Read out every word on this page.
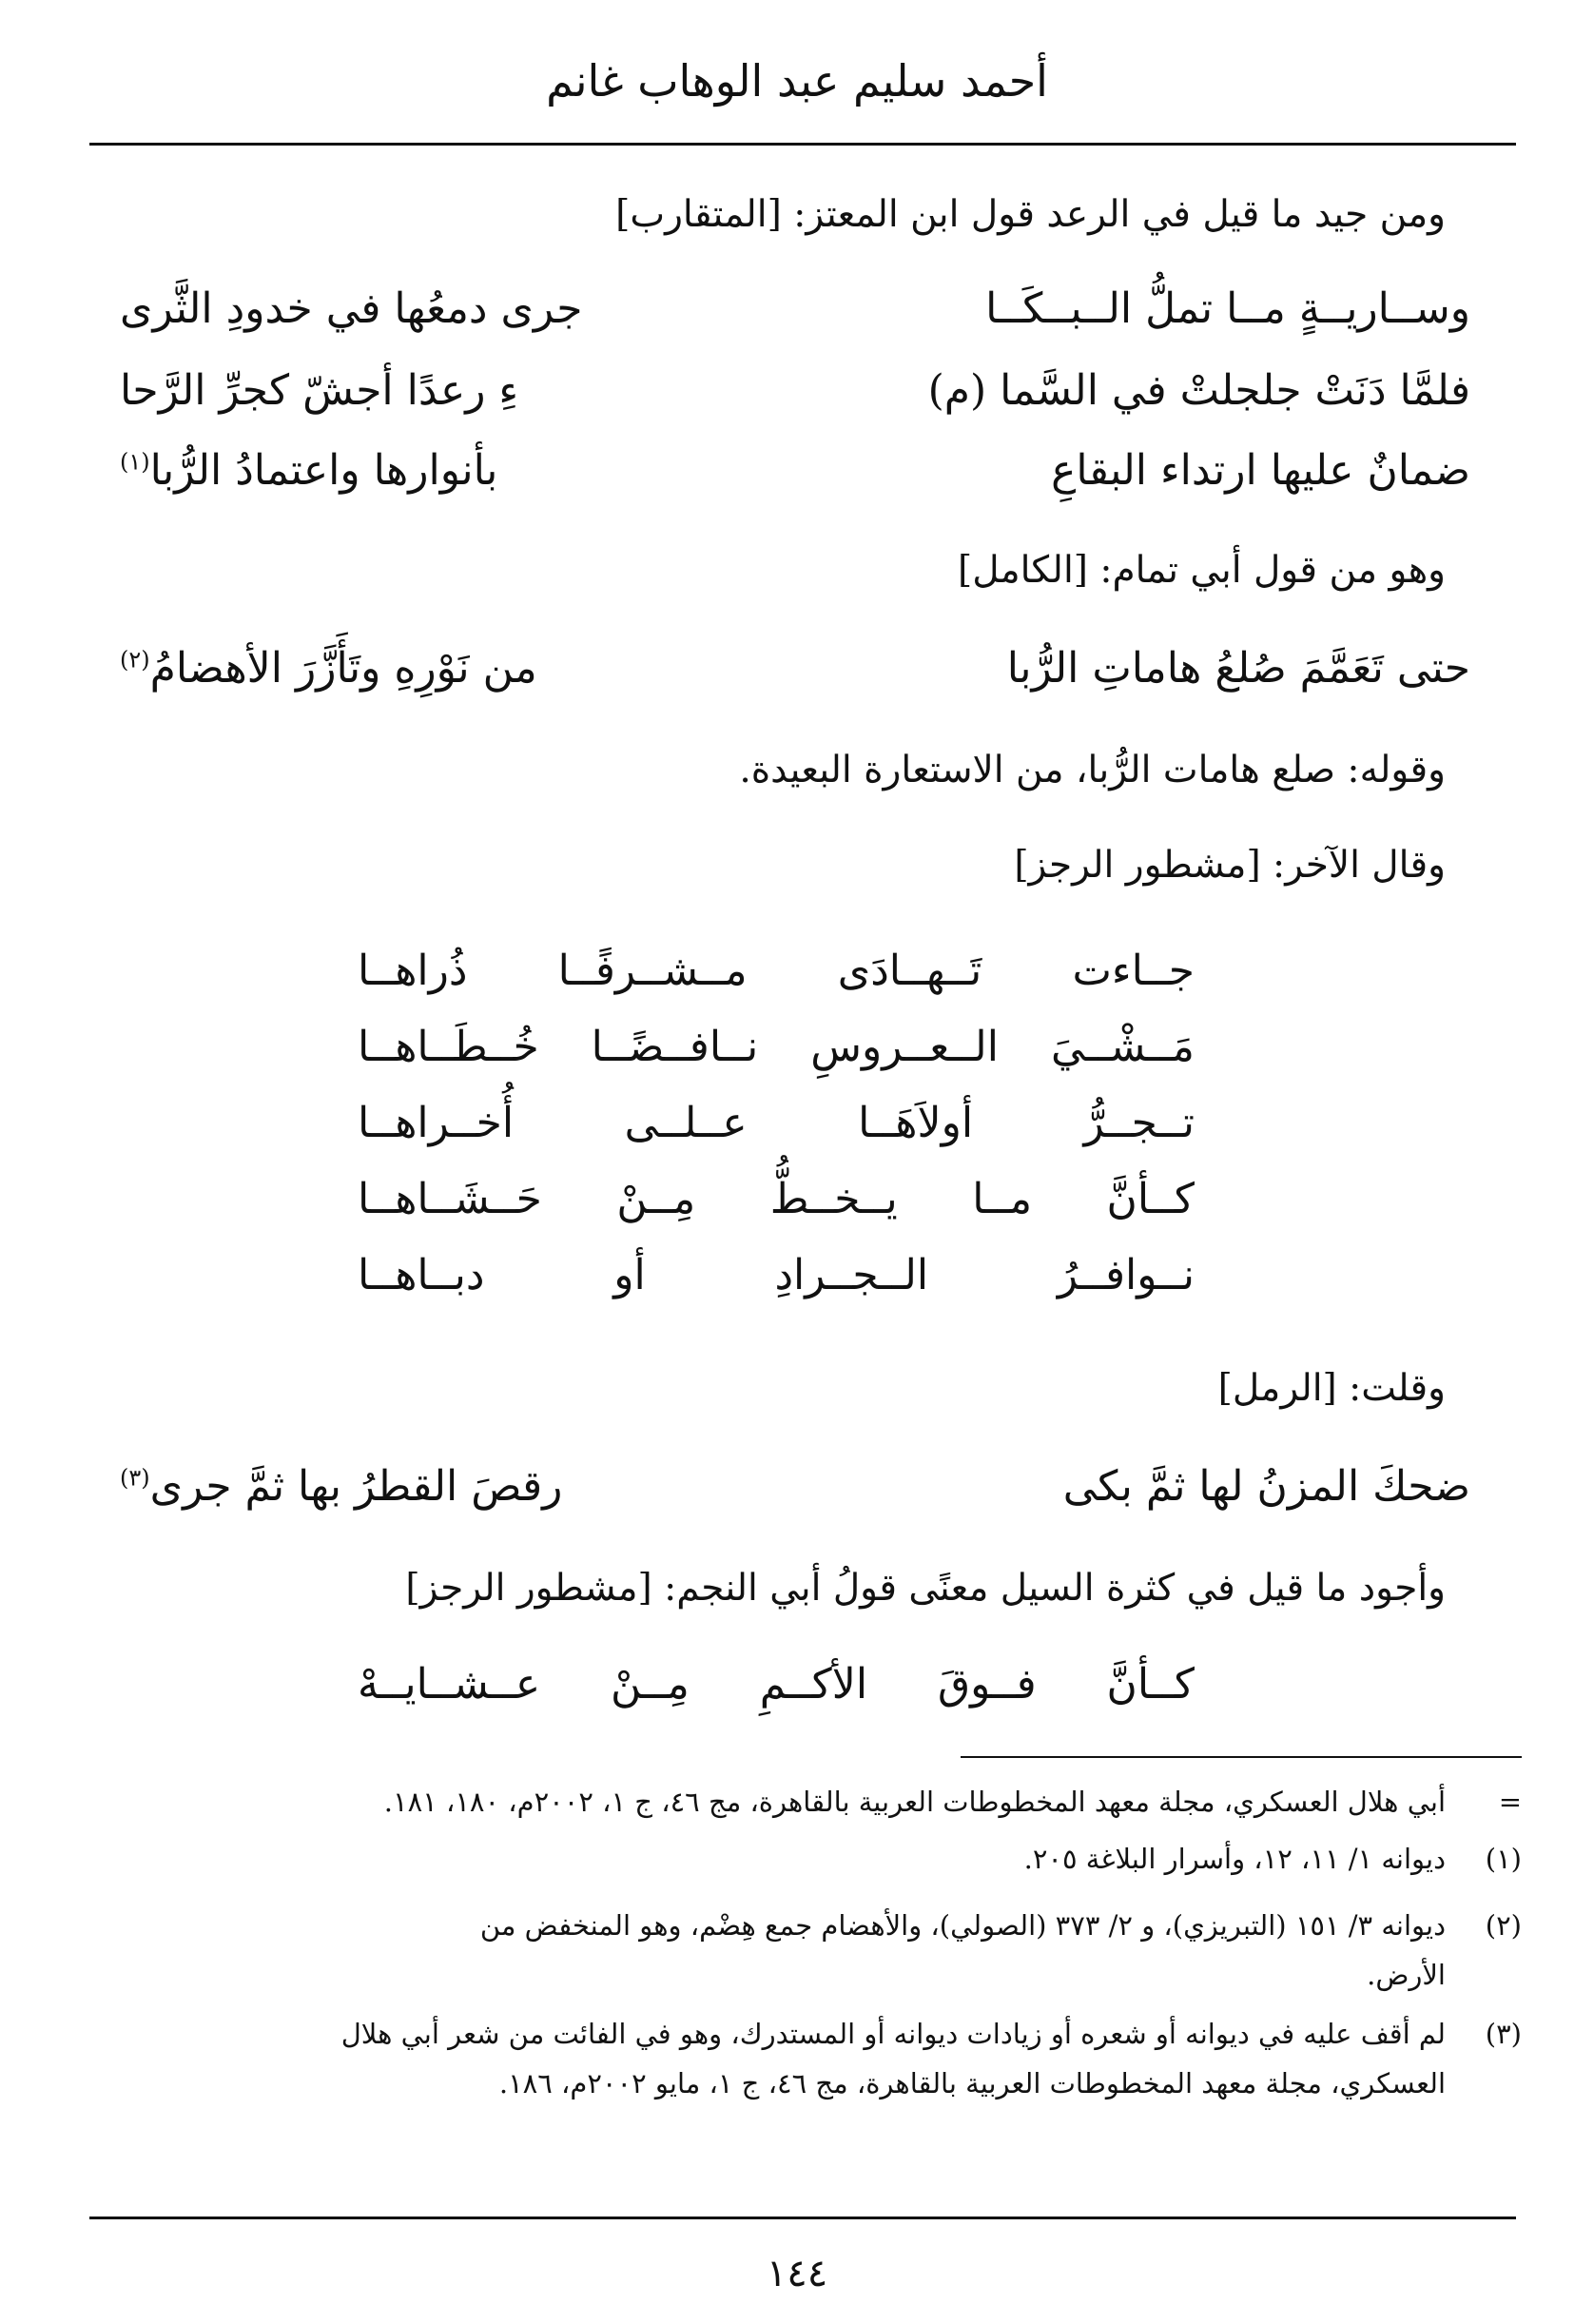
أحمد سليم عبد الوهاب غانم
ومن جيد ما قيل في الرعد قول ابن المعتز: [المتقارب]
وســاريــةٍ مــا تملُّ الــبــكَــا
جرى دمعُها في خدودِ الثَّرى
فلمَّا دَنَتْ جلجلتْ في السَّما (م)
ءِ رعدًا أجشّ كجرِّ الرَّحا
ضمانٌ عليها ارتداء البقاعِ
بأنوارها واعتمادُ الرُّبا$^{(١)}$
وهو من قول أبي تمام: [الكامل]
حتى تَعَمَّمَ صُلعُ هاماتِ الرُّبا
من نَوْرِهِ وتَأَزَّرَ الأهضامُ$^{(٢)}$
وقوله: صلع هامات الرُّبا، من الاستعارة البعيدة.
وقال الآخر: [مشطور الرجز]
جــاءت تَــهــادَى مــشــرفًــا ذُراهــا
مَــشْــيَ الــعــروسِ نــافــضًــا خُــطَــاهــا
تــجــرُّ أولاَهَــا عــلــى أُخــراهــا
كــأنَّ مــا يــخــطُّ مِــنْ حَــشَــاهــا
نــوافــرُ الــجــرادِ أو دبــاهــا
وقلت: [الرمل]
ضحكَ المزنُ لها ثمَّ بكى
رقصَ القطرُ بها ثمَّ جرى$^{(٣)}$
وأجود ما قيل في كثرة السيل معنًى قولُ أبي النجم: [مشطور الرجز]
كــأنَّ فــوقَ الأكــمِ مِــنْ عــشــايــهْ
=
أبي هلال العسكري، مجلة معهد المخطوطات العربية بالقاهرة، مج ٤٦، ج ١، ٢٠٠٢م، ١٨٠، ١٨١.
(١)
ديوانه ١/ ١١، ١٢، وأسرار البلاغة ٢٠٥.
(٢)
ديوانه ٣/ ١٥١ (التبريزي)، و ٢/ ٣٧٣ (الصولي)، والأهضام جمع هِضْم، وهو المنخفض من
الأرض.
(٣)
لم أقف عليه في ديوانه أو شعره أو زيادات ديوانه أو المستدرك، وهو في الفائت من شعر أبي هلال
العسكري، مجلة معهد المخطوطات العربية بالقاهرة، مج ٤٦، ج ١، مايو ٢٠٠٢م، ١٨٦.
١٤٤
